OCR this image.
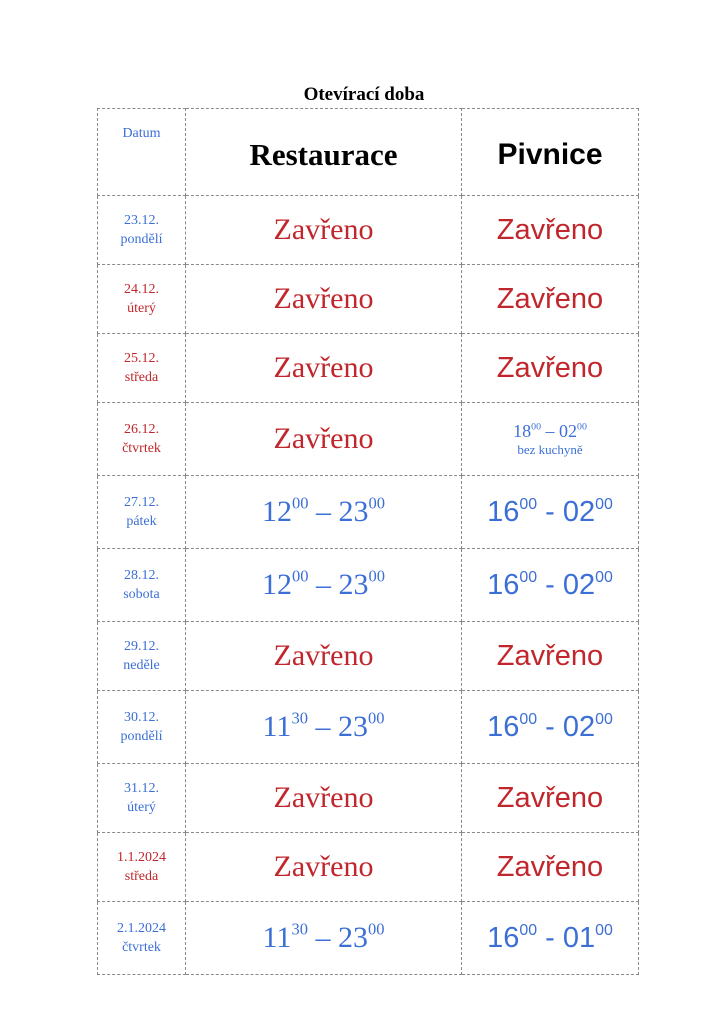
Otevírací doba
Datum	Restaurace	Pivnice
23.12.
pondělí	Zavřeno	Zavřeno
24.12.
úterý	Zavřeno	Zavřeno
25.12.
středa	Zavřeno	Zavřeno
26.12.
čtvrtek	Zavřeno	$18^{00} - 02^{00}$
bez kuchyně

27.12.
pátek	$12^{00} - 23^{00}$	$16^{00} - 02^{00}$
28.12.
sobota	$12^{00} - 23^{00}$	$16^{00} - 02^{00}$
29.12.
neděle	Zavřeno	Zavřeno
30.12.
pondělí	$11^{30} - 23^{00}$	$16^{00} - 02^{00}$
31.12.
úterý	Zavřeno	Zavřeno
1.1.2024
středa	Zavřeno	Zavřeno
2.1.2024
čtvrtek	$11^{30} - 23^{00}$	$16^{00} - 01^{00}$
